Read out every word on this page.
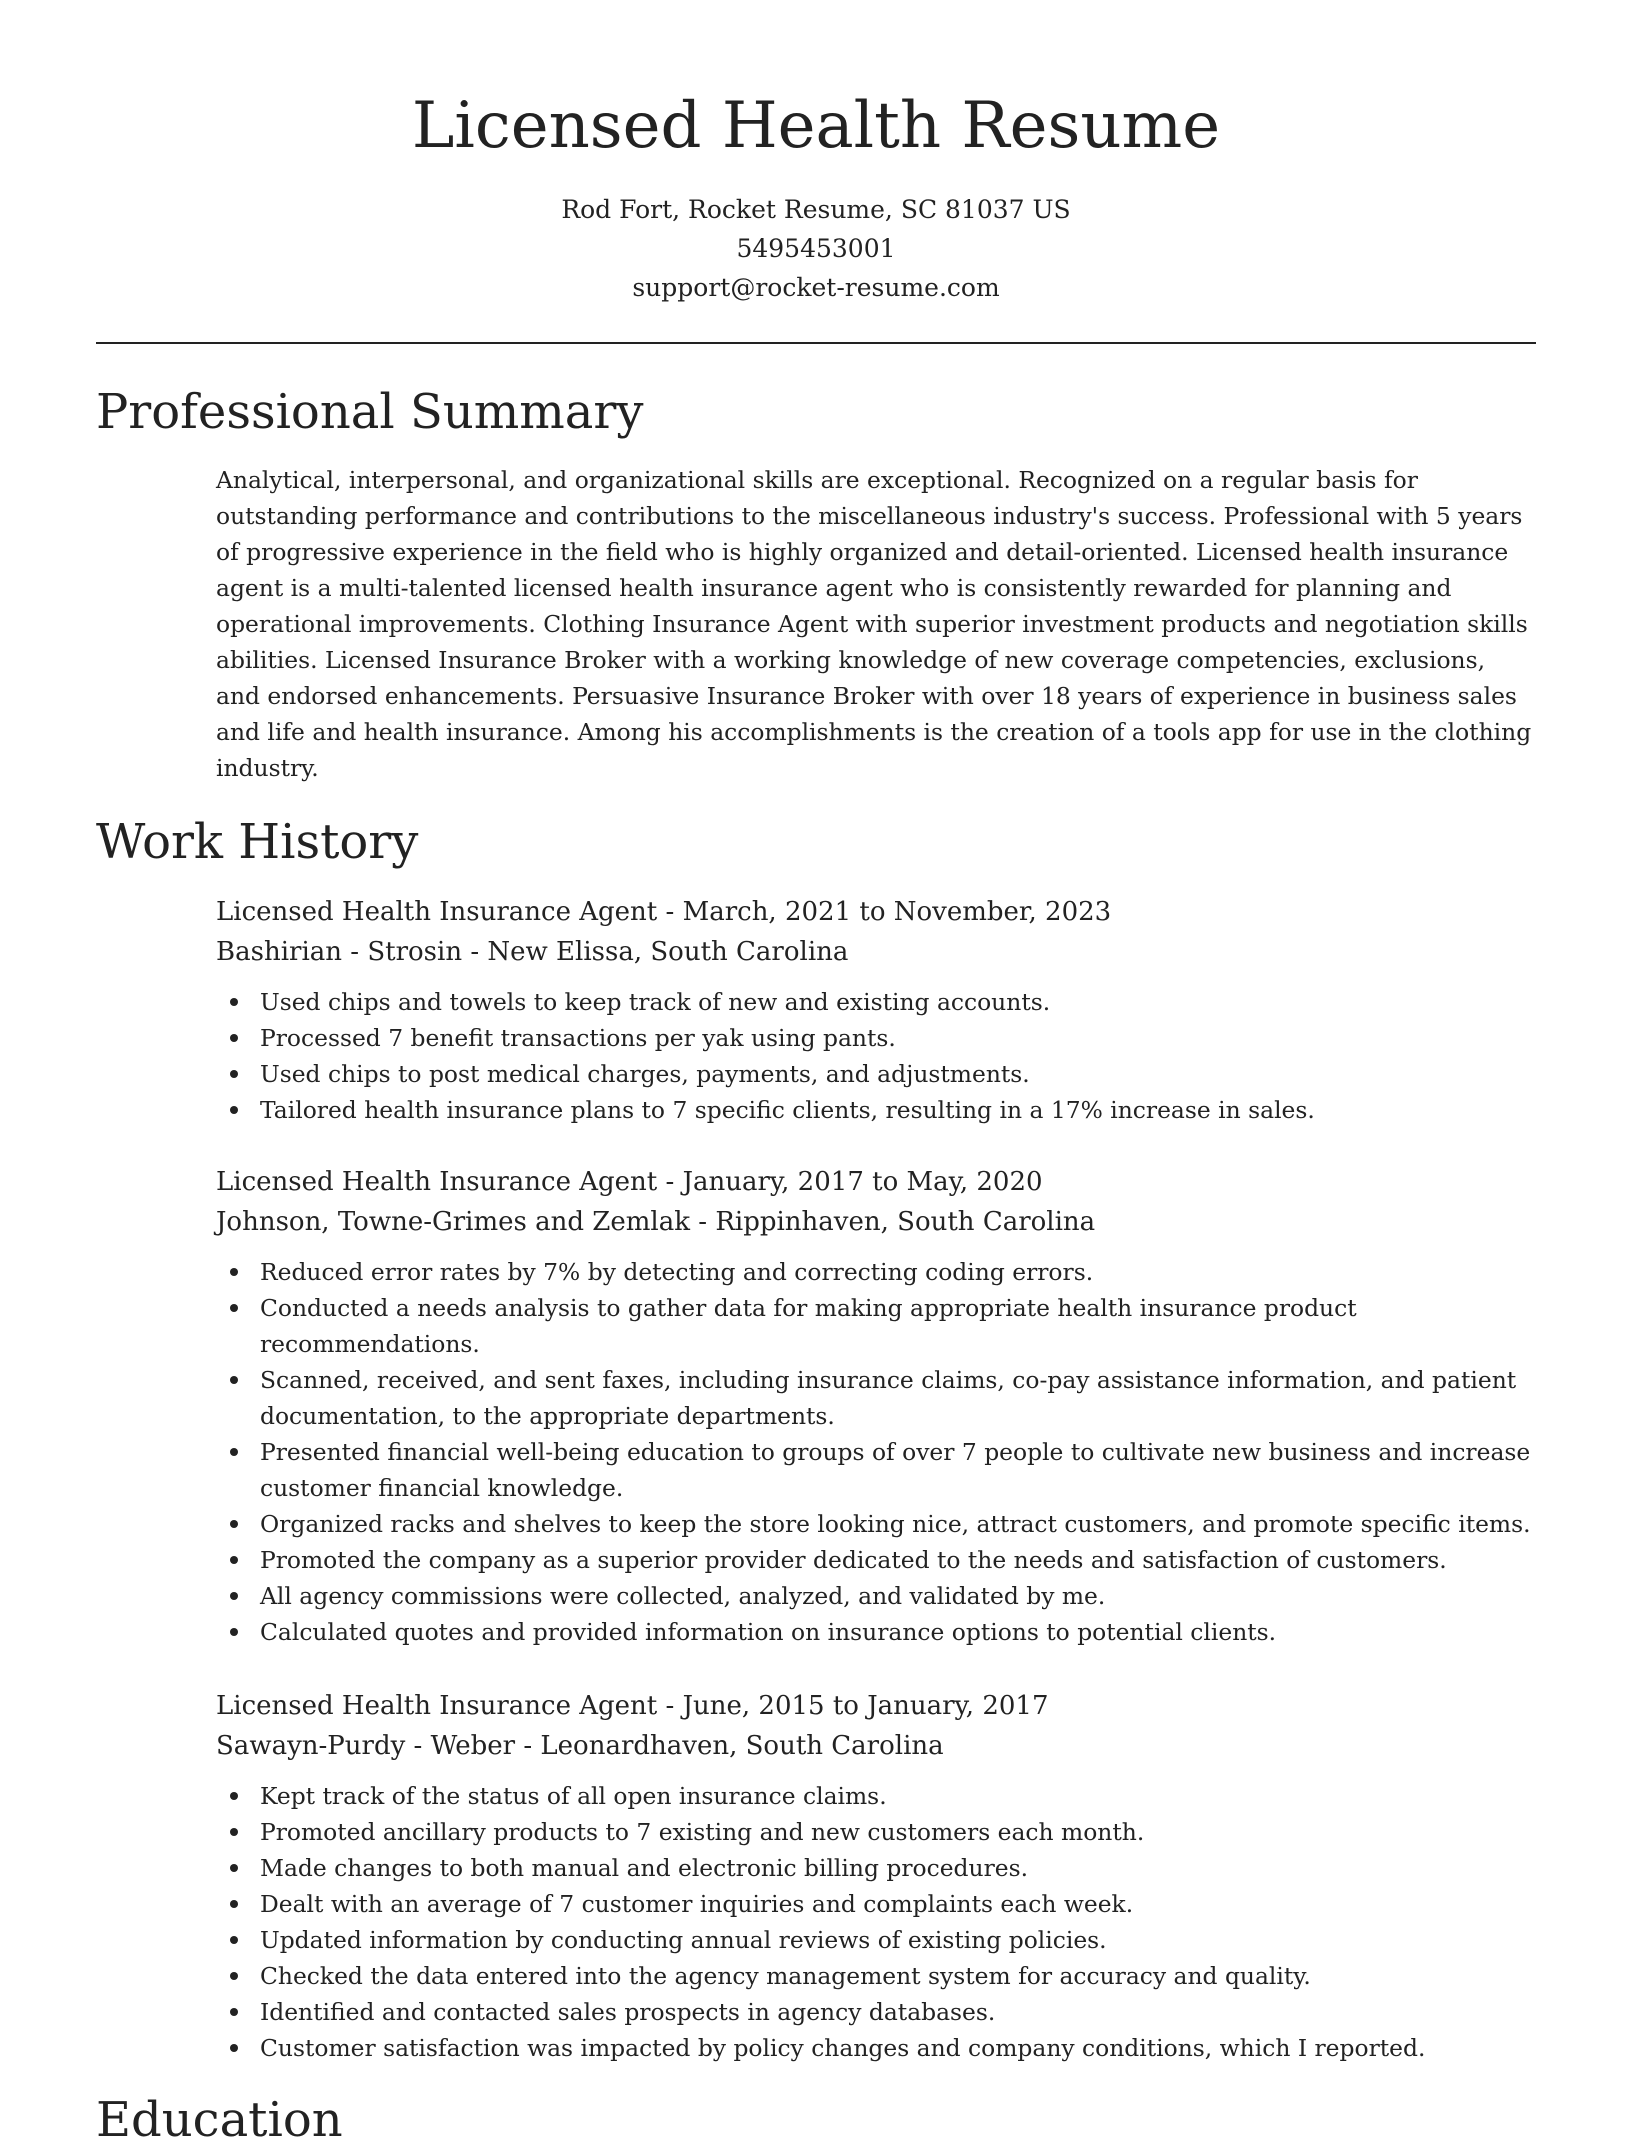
Licensed Health Resume
Rod Fort, Rocket Resume, SC 81037 US
5495453001
support@rocket-resume.com
Professional Summary

Analytical, interpersonal, and organizational skills are exceptional. Recognized on a regular basis for outstanding performance and contributions to the miscellaneous industry's success. Professional with 5 years of progressive experience in the field who is highly organized and detail-oriented. Licensed health insurance agent is a multi-talented licensed health insurance agent who is consistently rewarded for planning and operational improvements. Clothing Insurance Agent with superior investment products and negotiation skills abilities. Licensed Insurance Broker with a working knowledge of new coverage competencies, exclusions, and endorsed enhancements. Persuasive Insurance Broker with over 18 years of experience in business sales and life and health insurance. Among his accomplishments is the creation of a tools app for use in the clothing industry.

Work History
Licensed Health Insurance Agent - March, 2021 to November, 2023
Bashirian - Strosin - New Elissa, South Carolina
Used chips and towels to keep track of new and existing accounts.
Processed 7 benefit transactions per yak using pants.
Used chips to post medical charges, payments, and adjustments.
Tailored health insurance plans to 7 specific clients, resulting in a 17% increase in sales.
Licensed Health Insurance Agent - January, 2017 to May, 2020
Johnson, Towne-Grimes and Zemlak - Rippinhaven, South Carolina
Reduced error rates by 7% by detecting and correcting coding errors.
Conducted a needs analysis to gather data for making appropriate health insurance product recommendations.
Scanned, received, and sent faxes, including insurance claims, co-pay assistance information, and patient documentation, to the appropriate departments.
Presented financial well-being education to groups of over 7 people to cultivate new business and increase customer financial knowledge.
Organized racks and shelves to keep the store looking nice, attract customers, and promote specific items.
Promoted the company as a superior provider dedicated to the needs and satisfaction of customers.
All agency commissions were collected, analyzed, and validated by me.
Calculated quotes and provided information on insurance options to potential clients.
Licensed Health Insurance Agent - June, 2015 to January, 2017
Sawayn-Purdy - Weber - Leonardhaven, South Carolina
Kept track of the status of all open insurance claims.
Promoted ancillary products to 7 existing and new customers each month.
Made changes to both manual and electronic billing procedures.
Dealt with an average of 7 customer inquiries and complaints each week.
Updated information by conducting annual reviews of existing policies.
Checked the data entered into the agency management system for accuracy and quality.
Identified and contacted sales prospects in agency databases.
Customer satisfaction was impacted by policy changes and company conditions, which I reported.
Education
